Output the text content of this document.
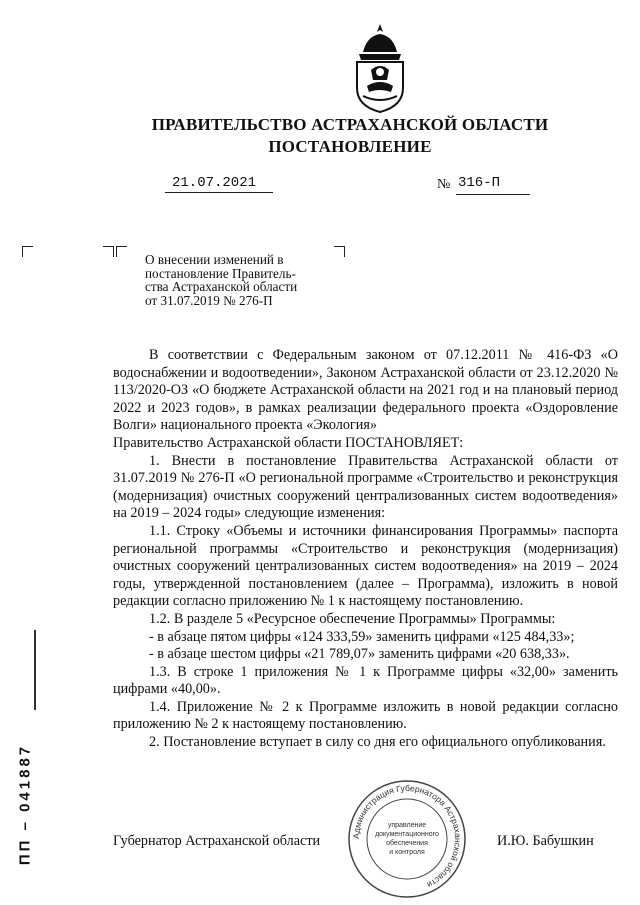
ПРАВИТЕЛЬСТВО АСТРАХАНСКОЙ ОБЛАСТИ
ПОСТАНОВЛЕНИЕ
21.07.2021	№ 316-П
О внесении изменений в
постановление Правитель-
ства Астраханской области
от 31.07.2019 № 276-П

В соответствии с Федеральным законом от 07.12.2011 № 416-ФЗ «О водоснабжении и водоотведении», Законом Астраханской области от 23.12.2020 № 113/2020-ОЗ «О бюджете Астраханской области на 2021 год и на плановый период 2022 и 2023 годов», в рамках реализации федерального проекта «Оздоровление Волги» национального проекта «Экология»

Правительство Астраханской области ПОСТАНОВЛЯЕТ:

1. Внести в постановление Правительства Астраханской области от 31.07.2019 № 276-П «О региональной программе «Строительство и реконструкция (модернизация) очистных сооружений централизованных систем водоотведения» на 2019 – 2024 годы» следующие изменения:

1.1. Строку «Объемы и источники финансирования Программы» паспорта региональной программы «Строительство и реконструкция (модернизация) очистных сооружений централизованных систем водоотведения» на 2019 – 2024 годы, утвержденной постановлением (далее – Программа), изложить в новой редакции согласно приложению № 1 к настоящему постановлению.

1.2. В разделе 5 «Ресурсное обеспечение Программы» Программы:

- в абзаце пятом цифры «124 333,59» заменить цифрами «125 484,33»;

- в абзаце шестом цифры «21 789,07» заменить цифрами «20 638,33».

1.3. В строке 1 приложения № 1 к Программе цифры «32,00» заменить цифрами «40,00».

1.4. Приложение № 2 к Программе изложить в новой редакции согласно приложению № 2 к настоящему постановлению.

2. Постановление вступает в силу со дня его официального опубликования.

Губернатор Астраханской области	И.Ю. Бабушкин
Администрация Губернатора Астраханской области
управление
документационного
обеспечения
и контроля
ПП – 041887
